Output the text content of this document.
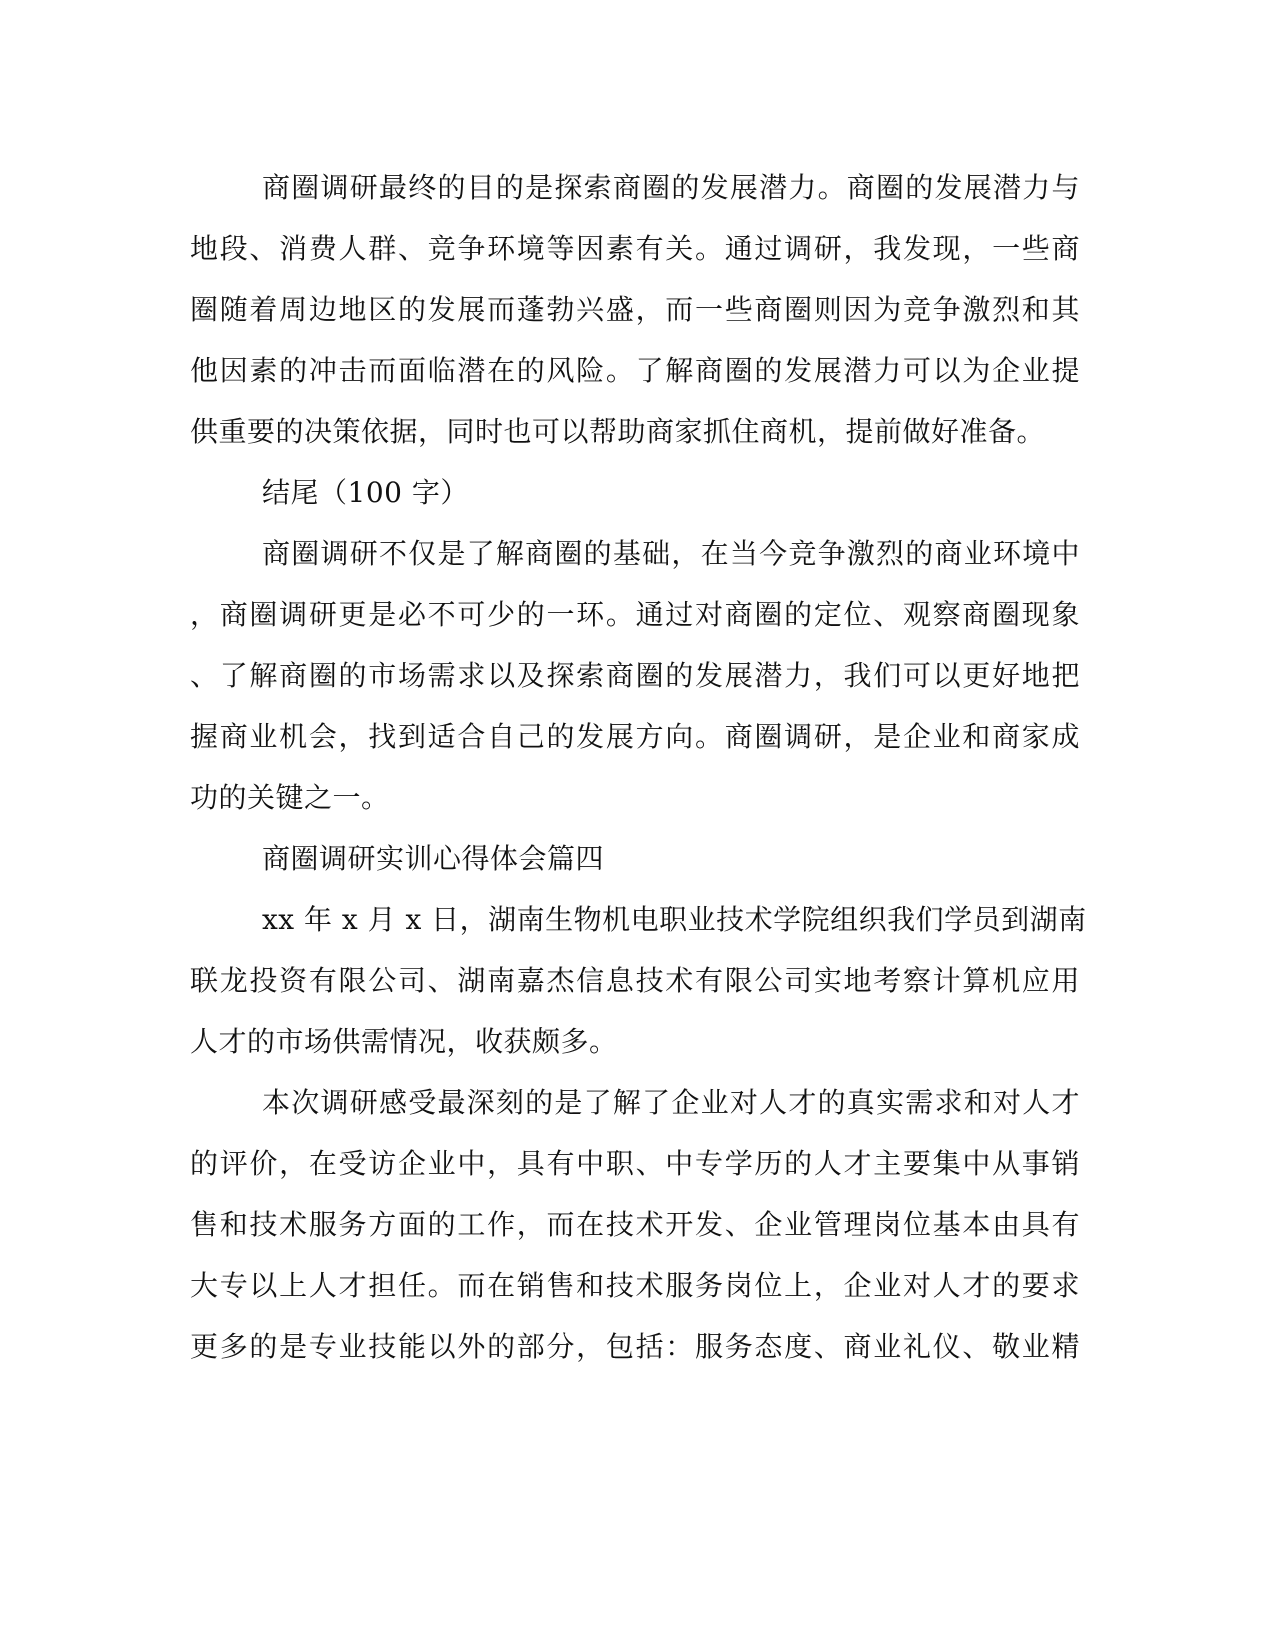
商圈调研最终的目的是探索商圈的发展潜力。商圈的发展潜力与
地段、消费人群、竞争环境等因素有关。通过调研，我发现，一些商
圈随着周边地区的发展而蓬勃兴盛，而一些商圈则因为竞争激烈和其
他因素的冲击而面临潜在的风险。了解商圈的发展潜力可以为企业提
供重要的决策依据，同时也可以帮助商家抓住商机，提前做好准备。
结尾（100 字）
商圈调研不仅是了解商圈的基础，在当今竞争激烈的商业环境中
，商圈调研更是必不可少的一环。通过对商圈的定位、观察商圈现象
、了解商圈的市场需求以及探索商圈的发展潜力，我们可以更好地把
握商业机会，找到适合自己的发展方向。商圈调研，是企业和商家成
功的关键之一。
商圈调研实训心得体会篇四
xx 年 x 月 x 日，湖南生物机电职业技术学院组织我们学员到湖南
联龙投资有限公司、湖南嘉杰信息技术有限公司实地考察计算机应用
人才的市场供需情况，收获颇多。
本次调研感受最深刻的是了解了企业对人才的真实需求和对人才
的评价，在受访企业中，具有中职、中专学历的人才主要集中从事销
售和技术服务方面的工作，而在技术开发、企业管理岗位基本由具有
大专以上人才担任。而在销售和技术服务岗位上，企业对人才的要求
更多的是专业技能以外的部分，包括：服务态度、商业礼仪、敬业精
